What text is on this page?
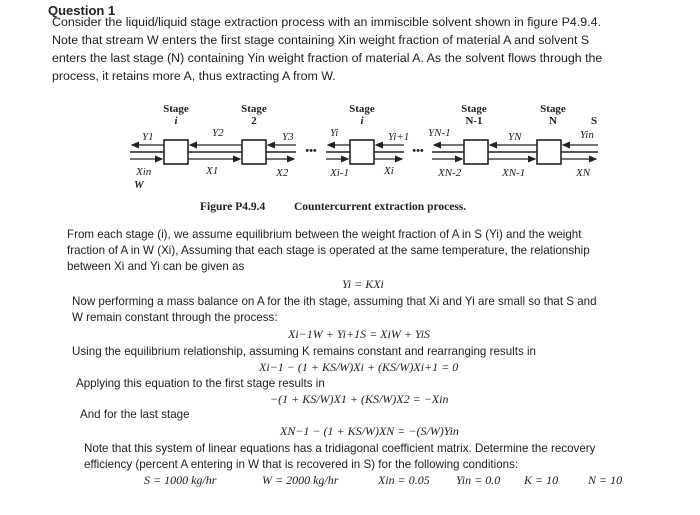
Question 1
Consider the liquid/liquid stage extraction process with an immiscible solvent shown in figure P4.9.4.
Note that stream W enters the first stage containing Xin weight fraction of material A and solvent S
enters the last stage (N) containing Yin weight fraction of material A. As the solvent flows through the
process, it retains more A, thus extracting A from W.
Stage
i
Stage
2
Stage
i
Stage
N-1
Stage
N	S
•••	•••
Y1	Y2	Y3	Yi	Yi+1 YN-1	YN	Yin
Xin	X1	X2	Xi-1	Xi	XN-2	XN-1	XN
W
Figure P4.9.4 Countercurrent extraction process.
From each stage (i), we assume equilibrium between the weight fraction of A in S (Yi) and the weight
fraction of A in W (Xi), Assuming that each stage is operated at the same temperature, the relationship
between Xi and Yi can be given as
Yi = KXi
Now performing a mass balance on A for the ith stage, assuming that Xi and Yi are small so that S and
W remain constant through the process:
Xi−1W + Yi+1S = XiW + YiS
Using the equilibrium relationship, assuming K remains constant and rearranging results in
Xi−1 − (1 + KS/W)Xi + (KS/W)Xi+1 = 0
Applying this equation to the first stage results in
−(1 + KS/W)X1 + (KS/W)X2 = −Xin
And for the last stage
XN−1 − (1 + KS/W)XN = −(S/W)Yin
Note that this system of linear equations has a tridiagonal coefficient matrix. Determine the recovery
efficiency (percent A entering in W that is recovered in S) for the following conditions:
S = 1000 kg/hr	W = 2000 kg/hr	Xin = 0.05 Yin = 0.0 K = 10 N = 10
